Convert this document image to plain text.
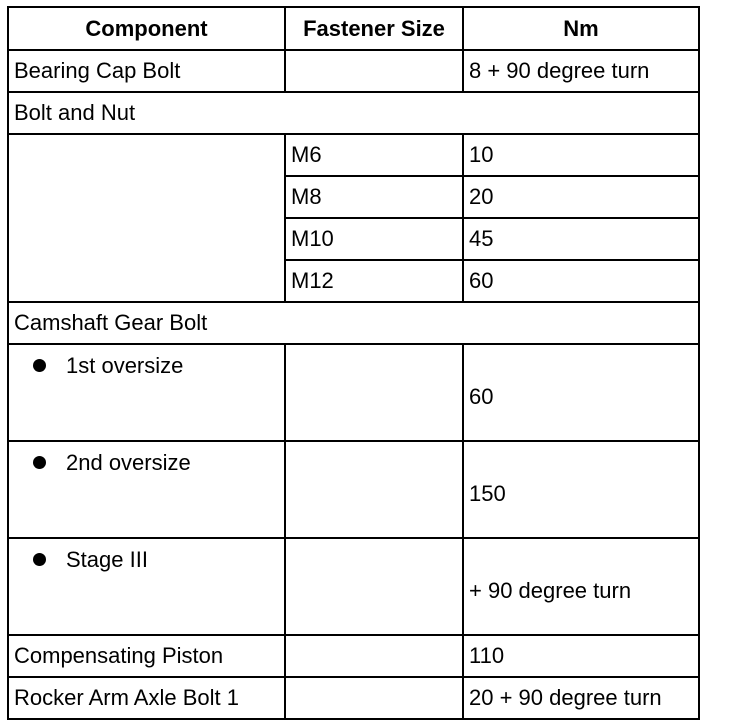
Component	Fastener Size	Nm
Bearing Cap Bolt		8 + 90 degree turn
Bolt and Nut		
	M6	10
	M8	20
	M10	45
	M12	60
Camshaft Gear Bolt		
1st oversize		60
2nd oversize		150
Stage III		+ 90 degree turn
Compensating Piston		110
Rocker Arm Axle Bolt 1		20 + 90 degree turn
